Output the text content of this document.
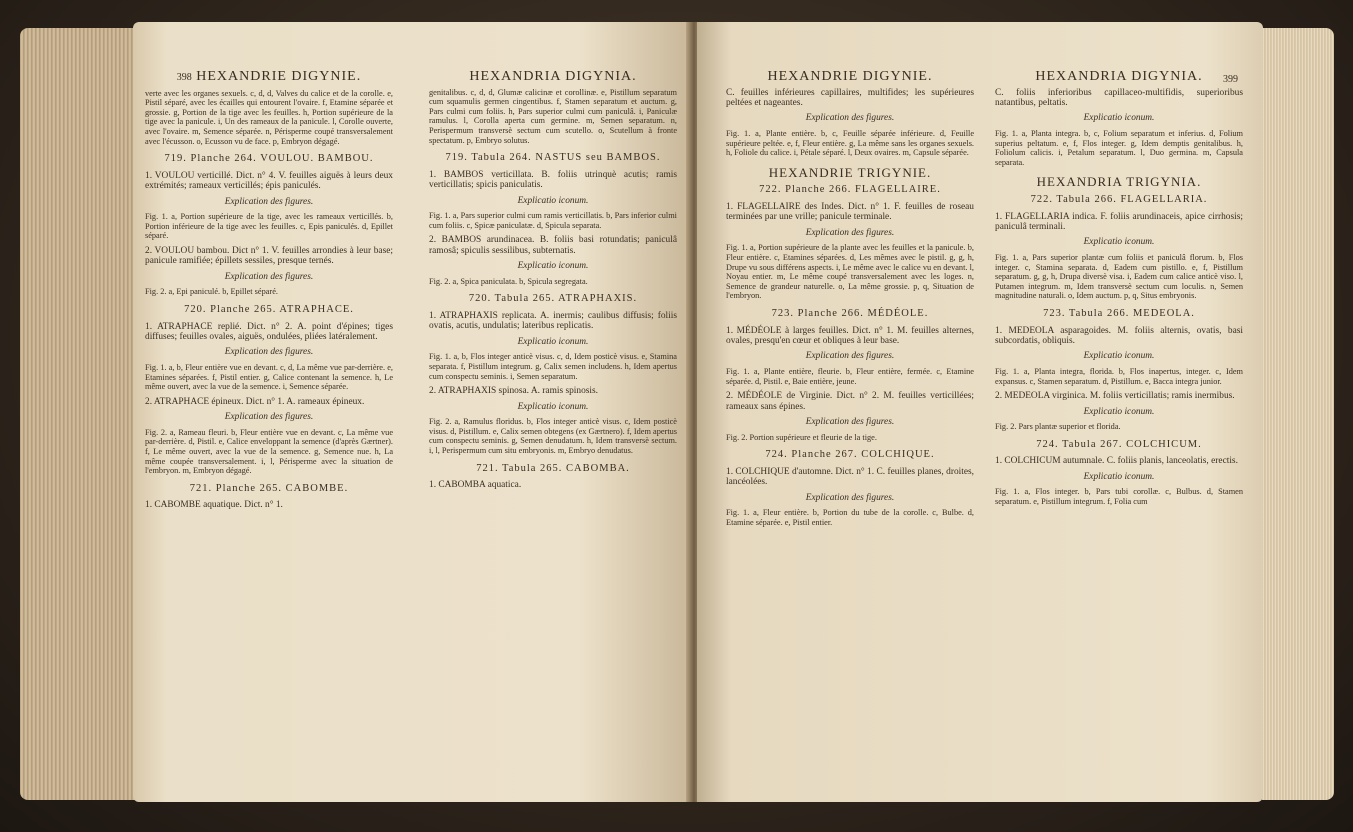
398 HEXANDRIE DIGYNIE.
verte avec les organes sexuels. c, d, d, Valves du calice et de la corolle. e, Pistil séparé, avec les écailles qui entourent l'ovaire. f, Etamine séparée et grossie. g, Portion de la tige avec les feuilles. h, Portion supérieure de la tige avec la panicule. i, Un des rameaux de la panicule. l, Corolle ouverte, avec l'ovaire. m, Semence séparée. n, Périsperme coupé transversalement avec l'écusson. o, Ecusson vu de face. p, Embryon dégagé.
719. Planche 264. VOULOU. BAMBOU.
1. VOULOU verticillé. Dict. n° 4. V. feuilles aiguës à leurs deux extrémités; rameaux verticillés; épis paniculés.
Explication des figures.
Fig. 1. a, Portion supérieure de la tige, avec les rameaux verticillés. b, Portion inférieure de la tige avec les feuilles. c, Epis paniculés. d, Epillet séparé.
2. VOULOU bambou. Dict n° 1. V. feuilles arrondies à leur base; panicule ramifiée; épillets sessiles, presque ternés.
Explication des figures.
Fig. 2. a, Epi paniculé. b, Epillet séparé.
720. Planche 265. ATRAPHACE.
1. ATRAPHACE replié. Dict. n° 2. A. point d'épines; tiges diffuses; feuilles ovales, aiguës, ondulées, pliées latéralement.
Explication des figures.
Fig. 1. a, b, Fleur entière vue en devant. c, d, La même vue par-derrière. e, Etamines séparées. f, Pistil entier. g, Calice contenant la semence. h, Le même ouvert, avec la vue de la semence. i, Semence séparée.
2. ATRAPHACE épineux. Dict. n° 1. A. rameaux épineux.
Explication des figures.
Fig. 2. a, Rameau fleuri. b, Fleur entière vue en devant. c, La même vue par-derrière. d, Pistil. e, Calice enveloppant la semence (d'après Gærtner). f, Le même ouvert, avec la vue de la semence. g, Semence nue. h, La même coupée transversalement. i, l, Périsperme avec la situation de l'embryon. m, Embryon dégagé.
721. Planche 265. CABOMBE.
1. CABOMBE aquatique. Dict. n° 1.
HEXANDRIA DIGYNIA.
genitalibus. c, d, d, Glumæ calicinæ et corollinæ. e, Pistillum separatum cum squamulis germen cingentibus. f, Stamen separatum et auctum. g, Pars culmi cum foliis. h, Pars superior culmi cum paniculâ. i, Paniculæ ramulus. l, Corolla aperta cum germine. m, Semen separatum. n, Perispermum transversè sectum cum scutello. o, Scutellum à fronte spectatum. p, Embryo solutus.
719. Tabula 264. NASTUS seu BAMBOS.
1. BAMBOS verticillata. B. foliis utrinquè acutis; ramis verticillatis; spicis paniculatis.
Explicatio iconum.
Fig. 1. a, Pars superior culmi cum ramis verticillatis. b, Pars inferior culmi cum foliis. c, Spicæ paniculatæ. d, Spicula separata.
2. BAMBOS arundinacea. B. foliis basi rotundatis; paniculâ ramosâ; spiculis sessilibus, subternatis.
Explicatio iconum.
Fig. 2. a, Spica paniculata. b, Spicula segregata.
720. Tabula 265. ATRAPHAXIS.
1. ATRAPHAXIS replicata. A. inermis; caulibus diffusis; foliis ovatis, acutis, undulatis; lateribus replicatis.
Explicatio iconum.
Fig. 1. a, b, Flos integer anticè visus. c, d, Idem posticè visus. e, Stamina separata. f, Pistillum integrum. g, Calix semen includens. h, Idem apertus cum conspectu seminis. i, Semen separatum.
2. ATRAPHAXIS spinosa. A. ramis spinosis.
Explicatio iconum.
Fig. 2. a, Ramulus floridus. b, Flos integer anticè visus. c, Idem posticè visus. d, Pistillum. e, Calix semen obtegens (ex Gærtnero). f, Idem apertus cum conspectu seminis. g, Semen denudatum. h, Idem transversè sectum. i, l, Perispermum cum situ embryonis. m, Embryo denudatus.
721. Tabula 265. CABOMBA.
1. CABOMBA aquatica.
HEXANDRIE DIGYNIE.
C. feuilles inférieures capillaires, multifides; les supérieures peltées et nageantes.
Explication des figures.
Fig. 1. a, Plante entière. b, c, Feuille séparée inférieure. d, Feuille supérieure peltée. e, f, Fleur entière. g, La même sans les organes sexuels. h, Foliole du calice. i, Pétale séparé. l, Deux ovaires. m, Capsule séparée.
HEXANDRIE TRIGYNIE.
722. Planche 266. FLAGELLAIRE.
1. FLAGELLAIRE des Indes. Dict. n° 1. F. feuilles de roseau terminées par une vrille; panicule terminale.
Explication des figures.
Fig. 1. a, Portion supérieure de la plante avec les feuilles et la panicule. b, Fleur entière. c, Etamines séparées. d, Les mêmes avec le pistil. g, g, h, Drupe vu sous différens aspects. i, Le même avec le calice vu en devant. l, Noyau entier. m, Le même coupé transversalement avec les loges. n, Semence de grandeur naturelle. o, La même grossie. p, q, Situation de l'embryon.
723. Planche 266. MÉDÉOLE.
1. MÉDÉOLE à larges feuilles. Dict. n° 1. M. feuilles alternes, ovales, presqu'en cœur et obliques à leur base.
Explication des figures.
Fig. 1. a, Plante entière, fleurie. b, Fleur entière, fermée. c, Etamine séparée. d, Pistil. e, Baie entière, jeune.
2. MÉDÉOLE de Virginie. Dict. n° 2. M. feuilles verticillées; rameaux sans épines.
Explication des figures.
Fig. 2. Portion supérieure et fleurie de la tige.
724. Planche 267. COLCHIQUE.
1. COLCHIQUE d'automne. Dict. n° 1. C. feuilles planes, droites, lancéolées.
Explication des figures.
Fig. 1. a, Fleur entière. b, Portion du tube de la corolle. c, Bulbe. d, Etamine séparée. e, Pistil entier.
HEXANDRIA DIGYNIA.
C. foliis inferioribus capillaceo-multifidis, superioribus natantibus, peltatis.
Explicatio iconum.
Fig. 1. a, Planta integra. b, c, Folium separatum et inferius. d, Folium superius peltatum. e, f, Flos integer. g, Idem demptis genitalibus. h, Foliolum calicis. i, Petalum separatum. l, Duo germina. m, Capsula separata.
HEXANDRIA TRIGYNIA.
722. Tabula 266. FLAGELLARIA.
1. FLAGELLARIA indica. F. foliis arundinaceis, apice cirrhosis; paniculâ terminali.
Explicatio iconum.
Fig. 1. a, Pars superior plantæ cum foliis et paniculâ florum. b, Flos integer. c, Stamina separata. d, Eadem cum pistillo. e, f, Pistillum separatum. g, g, h, Drupa diversè visa. i, Eadem cum calice anticè viso. l, Putamen integrum. m, Idem transversè sectum cum loculis. n, Semen magnitudine naturali. o, Idem auctum. p, q, Situs embryonis.
723. Tabula 266. MEDEOLA.
1. MEDEOLA asparagoides. M. foliis alternis, ovatis, basi subcordatis, obliquis.
Explicatio iconum.
Fig. 1. a, Planta integra, florida. b, Flos inapertus, integer. c, Idem expansus. c, Stamen separatum. d, Pistillum. e, Bacca integra junior.
2. MEDEOLA virginica. M. foliis verticillatis; ramis inermibus.
Explicatio iconum.
Fig. 2. Pars plantæ superior et florida.
724. Tabula 267. COLCHICUM.
1. COLCHICUM autumnale. C. foliis planis, lanceolatis, erectis.
Explicatio iconum.
Fig. 1. a, Flos integer. b, Pars tubi corollæ. c, Bulbus. d, Stamen separatum. e, Pistillum integrum. f, Folia cum
399
